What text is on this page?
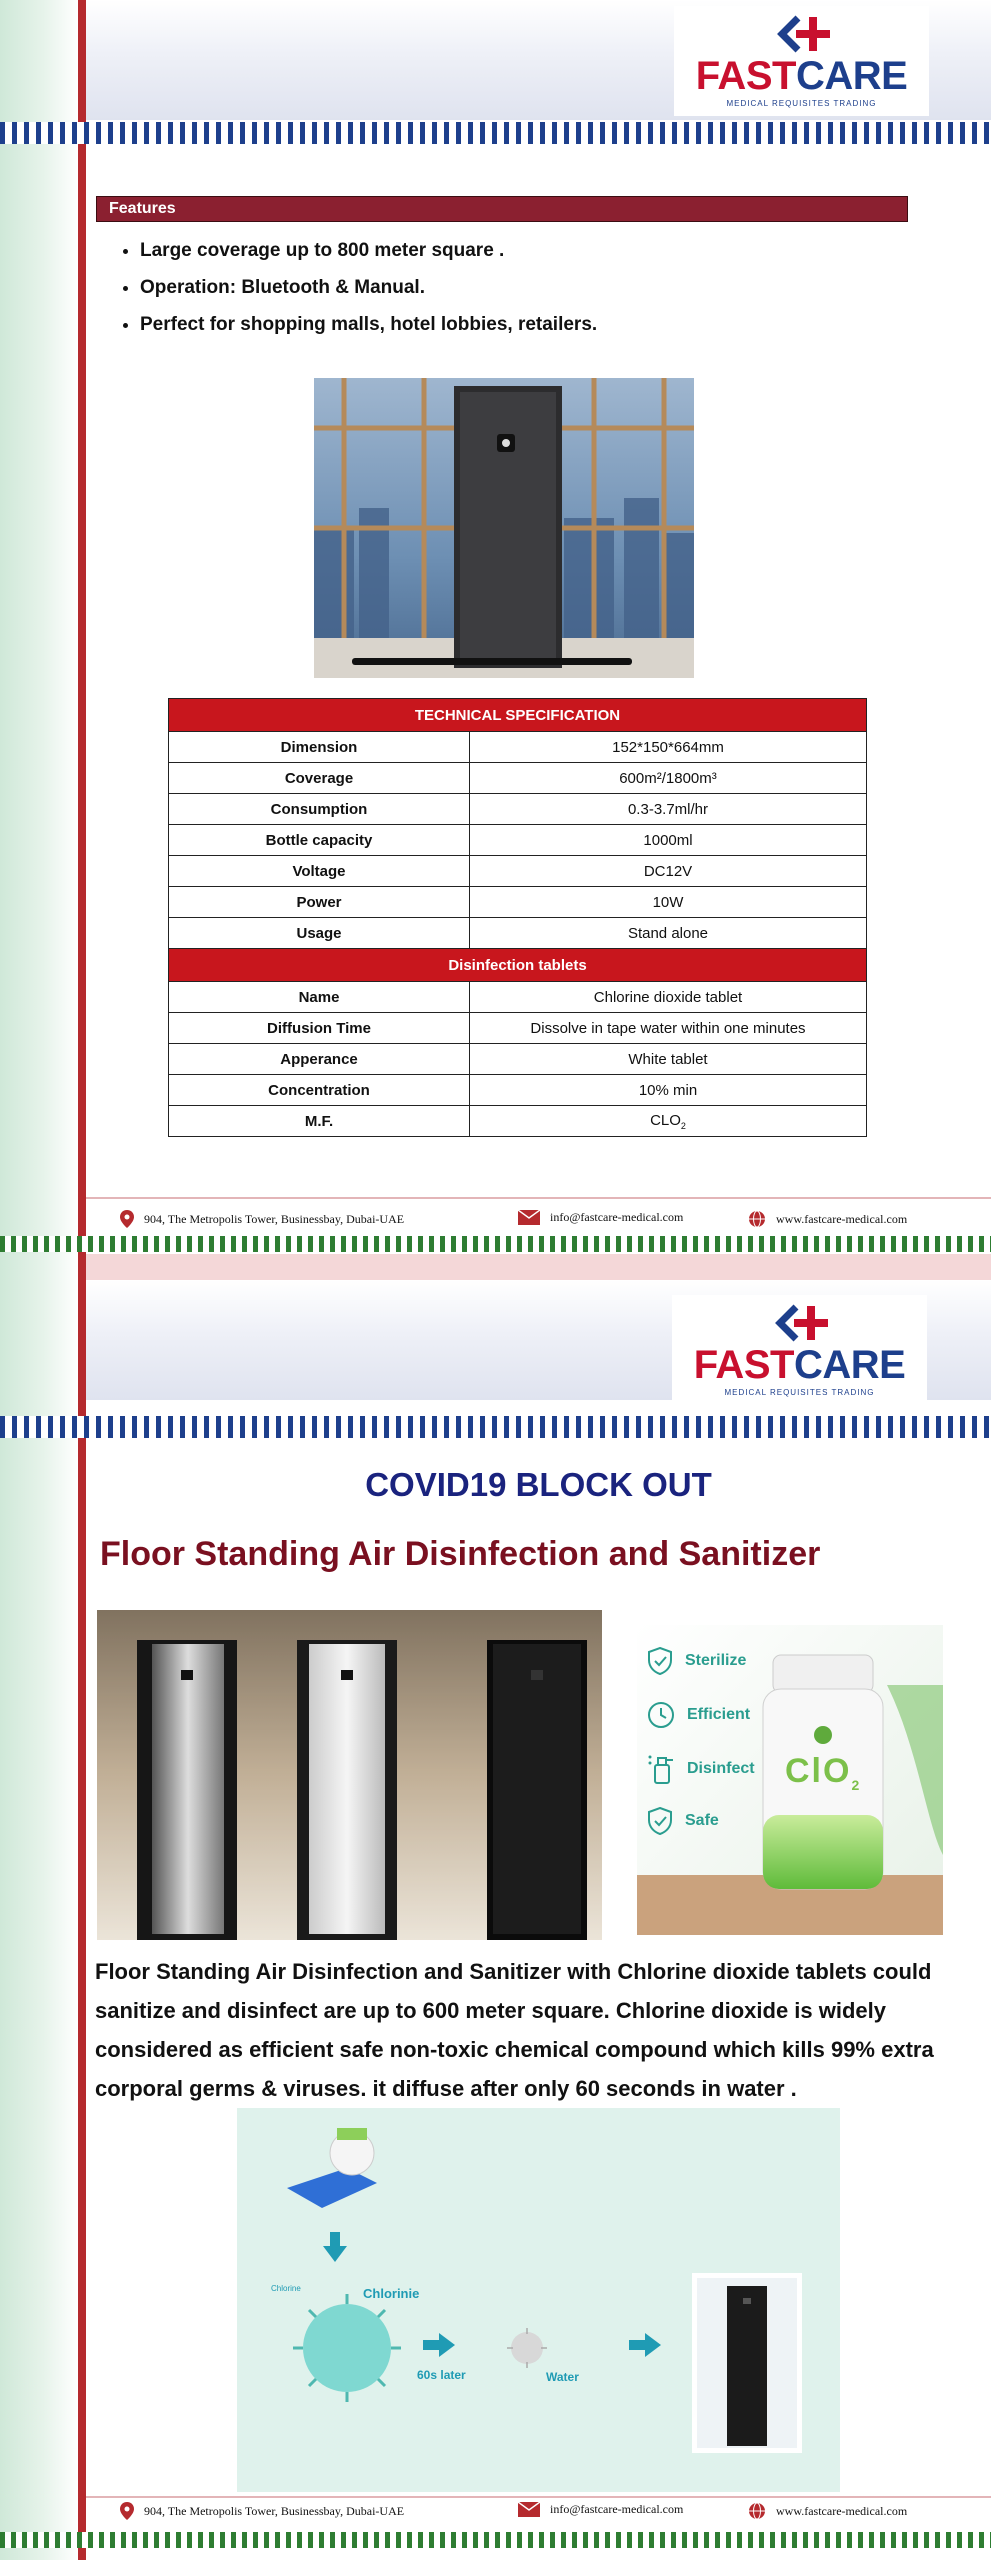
FASTCARE
MEDICAL REQUISITES TRADING
Features
• Large coverage up to 800 meter square .
• Operation: Bluetooth & Manual.
• Perfect for shopping malls, hotel lobbies, retailers.
TECHNICAL SPECIFICATION	
Dimension	152*150*664mm
Coverage	600m²/1800m³
Consumption	0.3-3.7ml/hr
Bottle capacity	1000ml
Voltage	DC12V
Power	10W
Usage	Stand alone
Disinfection tablets	
Name	Chlorine dioxide tablet
Diffusion Time	Dissolve in tape water within one minutes
Apperance	White tablet
Concentration	10% min
M.F.	$CLO_2$
904, The Metropolis Tower, Businessbay, Dubai-UAE	info@fastcare-medical.com	www.fastcare-medical.com
FASTCARE
MEDICAL REQUISITES TRADING
COVID19 BLOCK OUT
Floor Standing Air Disinfection and Sanitizer
ClO$_2$
Sterilize
Efficient
Disinfect
Safe
Floor Standing Air Disinfection and Sanitizer with Chlorine dioxide tablets could sanitize and disinfect are up to 600 meter square. Chlorine dioxide is widely considered as efficient safe non-toxic chemical compound which kills 99% extra corporal germs & viruses. it diffuse after only 60 seconds in water .
Chlorine	Chlorinie
60s later	Water
904, The Metropolis Tower, Businessbay, Dubai-UAE	info@fastcare-medical.com	www.fastcare-medical.com
